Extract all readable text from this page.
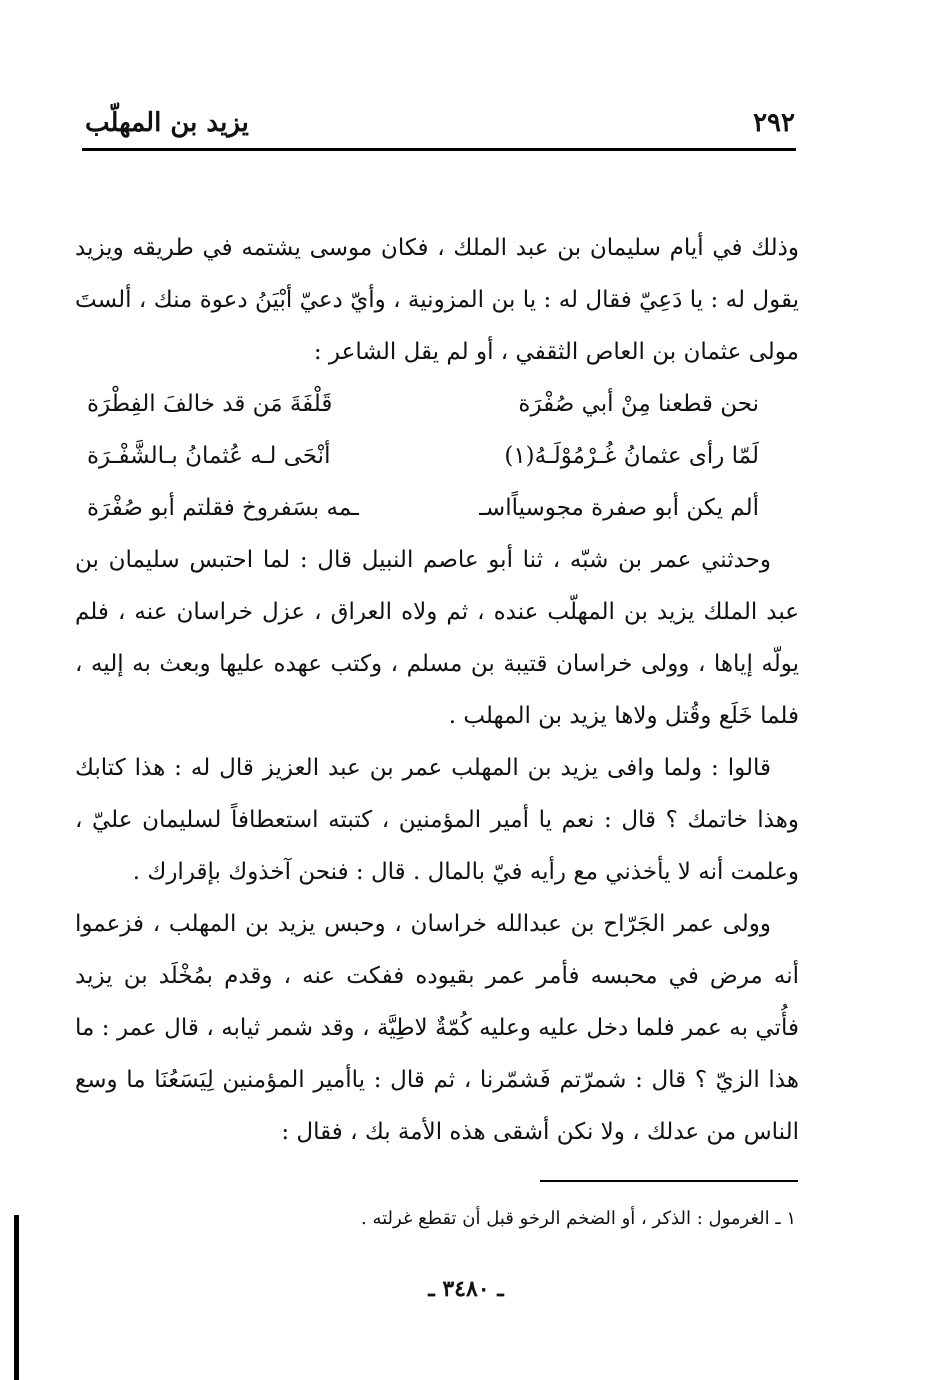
٢٩٢
يزيد بن المهلّب

وذلك في أيام سليمان بن عبد الملك ، فكان موسى يشتمه في طريقه ويزيد يقول له : يا دَعِيّ فقال له : يا بن المزونية ، وأيّ دعيّ أبْيَنُ دعوة منك ، ألستَ مولى عثمان بن العاص الثقفي ، أو لم يقل الشاعر :

نحن قطعنا مِنْ أبي صُفْرَة
قَلْفَةَ مَن قد خالفَ الفِطْرَة
لَمّا رأى عثمانُ غُـرْمُوْلَـهُ(١)
أنْحَى لـه عُثمانُ بـالشَّفْـرَة
ألم يكن أبو صفرة مجوسياًاسـ
ـمه بسَفروخ فقلتم أبو صُفْرَة

وحدثني عمر بن شبّه ، ثنا أبو عاصم النبيل قال : لما احتبس سليمان بن عبد الملك يزيد بن المهلّب عنده ، ثم ولاه العراق ، عزل خراسان عنه ، فلم يولّه إياها ، وولى خراسان قتيبة بن مسلم ، وكتب عهده عليها وبعث به إليه ، فلما خَلَع وقُتل ولاها يزيد بن المهلب .

قالوا : ولما وافى يزيد بن المهلب عمر بن عبد العزيز قال له : هذا كتابك وهذا خاتمك ؟ قال : نعم يا أمير المؤمنين ، كتبته استعطافاً لسليمان عليّ ، وعلمت أنه لا يأخذني مع رأيه فيّ بالمال . قال : فنحن آخذوك بإقرارك .

وولى عمر الجَرّاح بن عبدالله خراسان ، وحبس يزيد بن المهلب ، فزعموا أنه مرض في محبسه فأمر عمر بقيوده ففكت عنه ، وقدم بمُخْلَد بن يزيد فأُتي به عمر فلما دخل عليه وعليه كُمّةٌ لاطِيَّة ، وقد شمر ثيابه ، قال عمر : ما هذا الزيّ ؟ قال : شمرّتم فَشمّرنا ، ثم قال : ياأمير المؤمنين لِيَسَعُنَا ما وسع الناس من عدلك ، ولا نكن أشقى هذه الأمة بك ، فقال :

١ ـ الغرمول : الذكر ، أو الضخم الرخو قبل أن تقطع غرلته .
ـ ٣٤٨٠ ـ
